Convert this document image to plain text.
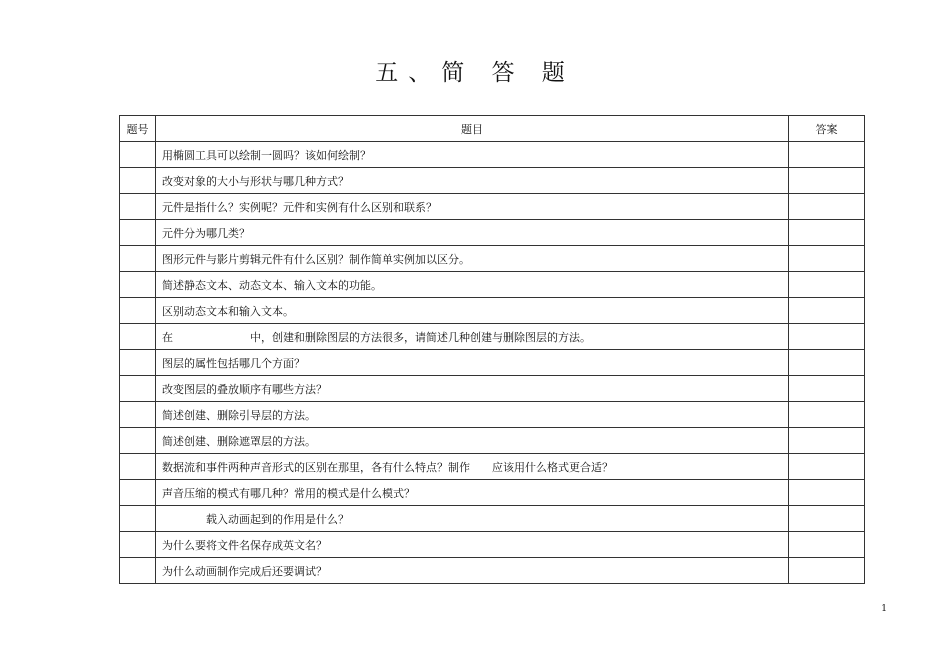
五、简 答 题
题号	题目	答案
	用椭圆工具可以绘制一圆吗？该如何绘制？	
	改变对象的大小与形状与哪几种方式？	
	元件是指什么？实例呢？元件和实例有什么区别和联系？	
	元件分为哪几类？	
	图形元件与影片剪辑元件有什么区别？制作简单实例加以区分。	
	简述静态文本、动态文本、输入文本的功能。	
	区别动态文本和输入文本。	
	在　　　　　　　中，创建和删除图层的方法很多，请简述几种创建与删除图层的方法。	
	图层的属性包括哪几个方面？	
	改变图层的叠放顺序有哪些方法？	
	简述创建、删除引导层的方法。	
	简述创建、删除遮罩层的方法。	
	数据流和事件两种声音形式的区别在那里，各有什么特点？制作　　应该用什么格式更合适？	
	声音压缩的模式有哪几种？常用的模式是什么模式？	
	载入动画起到的作用是什么？	
	为什么要将文件名保存成英文名？	
	为什么动画制作完成后还要调试？	
1
